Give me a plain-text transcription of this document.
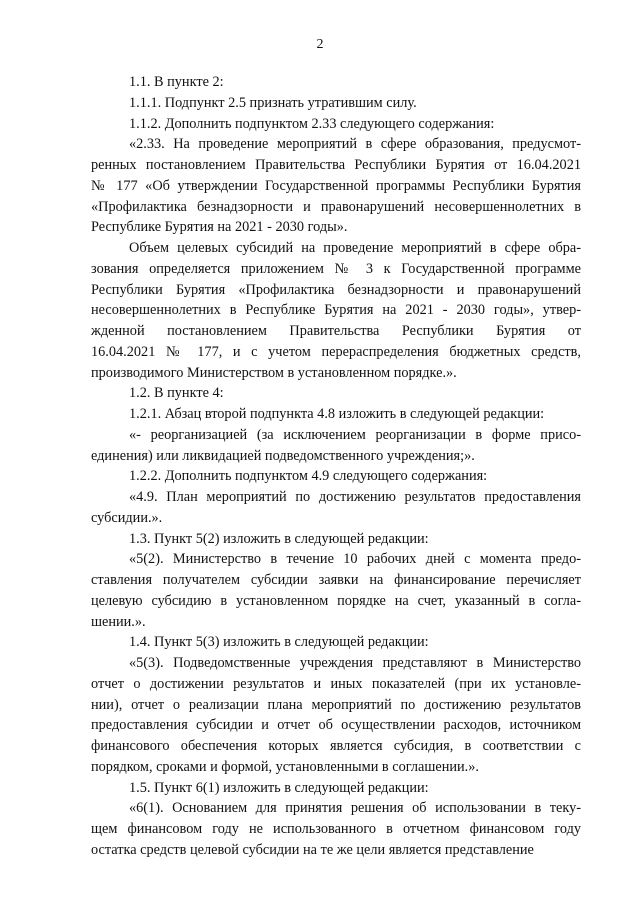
2
1.1. В пункте 2:
1.1.1. Подпункт 2.5 признать утратившим силу.
1.1.2. Дополнить подпунктом 2.33 следующего содержания:
«2.33. На проведение мероприятий в сфере образования, предусмот-
ренных постановлением Правительства Республики Бурятия от 16.04.2021
№ 177 «Об утверждении Государственной программы Республики Бурятия
«Профилактика безнадзорности и правонарушений несовершеннолетних в
Республике Бурятия на 2021 - 2030 годы».
Объем целевых субсидий на проведение мероприятий в сфере обра-
зования определяется приложением № 3 к Государственной программе
Республики Бурятия «Профилактика безнадзорности и правонарушений
несовершеннолетних в Республике Бурятия на 2021 - 2030 годы», утвер-
жденной постановлением Правительства Республики Бурятия от
16.04.2021 № 177, и с учетом перераспределения бюджетных средств,
производимого Министерством в установленном порядке.».
1.2. В пункте 4:
1.2.1. Абзац второй подпункта 4.8 изложить в следующей редакции:
«- реорганизацией (за исключением реорганизации в форме присо-
единения) или ликвидацией подведомственного учреждения;».
1.2.2. Дополнить подпунктом 4.9 следующего содержания:
«4.9. План мероприятий по достижению результатов предоставления
субсидии.».
1.3. Пункт 5(2) изложить в следующей редакции:
«5(2). Министерство в течение 10 рабочих дней с момента предо-
ставления получателем субсидии заявки на финансирование перечисляет
целевую субсидию в установленном порядке на счет, указанный в согла-
шении.».
1.4. Пункт 5(3) изложить в следующей редакции:
«5(3). Подведомственные учреждения представляют в Министерство
отчет о достижении результатов и иных показателей (при их установле-
нии), отчет о реализации плана мероприятий по достижению результатов
предоставления субсидии и отчет об осуществлении расходов, источником
финансового обеспечения которых является субсидия, в соответствии с
порядком, сроками и формой, установленными в соглашении.».
1.5. Пункт 6(1) изложить в следующей редакции:
«6(1). Основанием для принятия решения об использовании в теку-
щем финансовом году не использованного в отчетном финансовом году
остатка средств целевой субсидии на те же цели является представление
